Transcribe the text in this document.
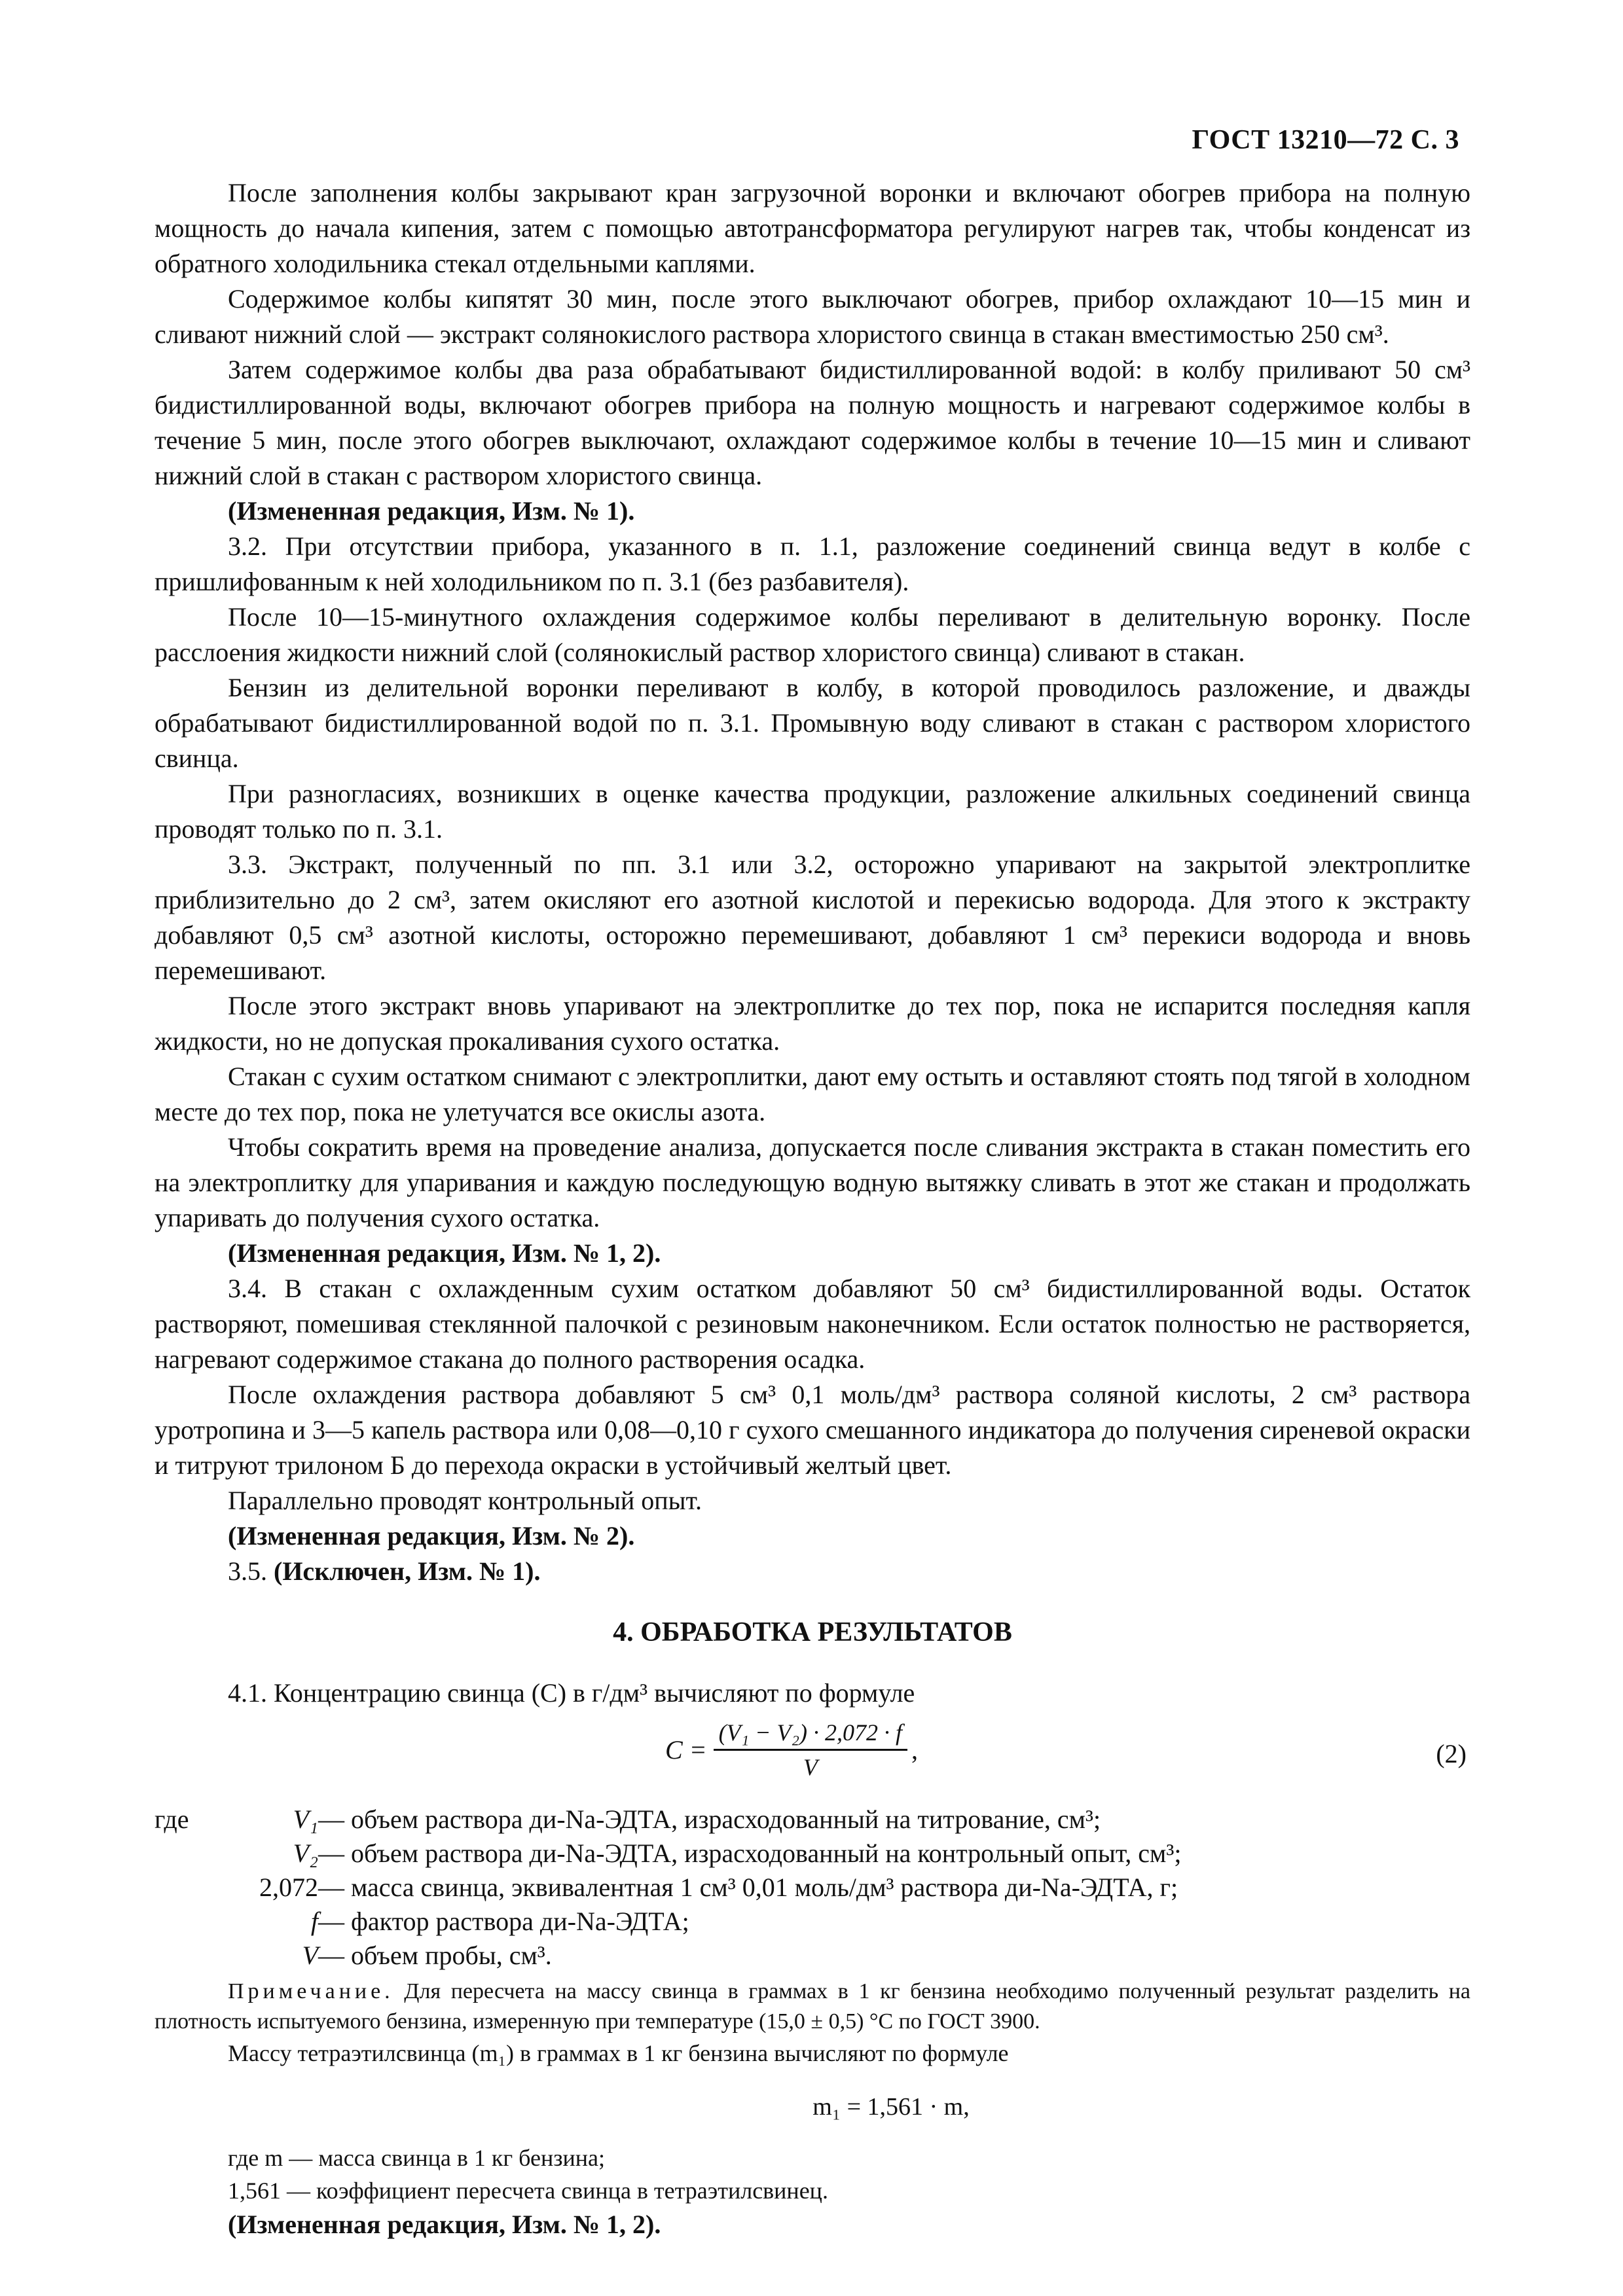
ГОСТ 13210—72 С. 3

После заполнения колбы закрывают кран загрузочной воронки и включают обогрев прибора на полную мощность до начала кипения, затем с помощью автотрансформатора регулируют нагрев так, чтобы конденсат из обратного холодильника стекал отдельными каплями.

Содержимое колбы кипятят 30 мин, после этого выключают обогрев, прибор охлаждают 10—15 мин и сливают нижний слой — экстракт солянокислого раствора хлористого свинца в стакан вместимостью 250 см³.

Затем содержимое колбы два раза обрабатывают бидистиллированной водой: в колбу приливают 50 см³ бидистиллированной воды, включают обогрев прибора на полную мощность и нагревают содержимое колбы в течение 5 мин, после этого обогрев выключают, охлаждают содержимое колбы в течение 10—15 мин и сливают нижний слой в стакан с раствором хлористого свинца.

(Измененная редакция, Изм. № 1).

3.2. При отсутствии прибора, указанного в п. 1.1, разложение соединений свинца ведут в колбе с пришлифованным к ней холодильником по п. 3.1 (без разбавителя).

После 10—15-минутного охлаждения содержимое колбы переливают в делительную воронку. После расслоения жидкости нижний слой (солянокислый раствор хлористого свинца) сливают в стакан.

Бензин из делительной воронки переливают в колбу, в которой проводилось разложение, и дважды обрабатывают бидистиллированной водой по п. 3.1. Промывную воду сливают в стакан с раствором хлористого свинца.

При разногласиях, возникших в оценке качества продукции, разложение алкильных соединений свинца проводят только по п. 3.1.

3.3. Экстракт, полученный по пп. 3.1 или 3.2, осторожно упаривают на закрытой электроплитке приблизительно до 2 см³, затем окисляют его азотной кислотой и перекисью водорода. Для этого к экстракту добавляют 0,5 см³ азотной кислоты, осторожно перемешивают, добавляют 1 см³ перекиси водорода и вновь перемешивают.

После этого экстракт вновь упаривают на электроплитке до тех пор, пока не испарится последняя капля жидкости, но не допуская прокаливания сухого остатка.

Стакан с сухим остатком снимают с электроплитки, дают ему остыть и оставляют стоять под тягой в холодном месте до тех пор, пока не улетучатся все окислы азота.

Чтобы сократить время на проведение анализа, допускается после сливания экстракта в стакан поместить его на электроплитку для упаривания и каждую последующую водную вытяжку сливать в этот же стакан и продолжать упаривать до получения сухого остатка.

(Измененная редакция, Изм. № 1, 2).

3.4. В стакан с охлажденным сухим остатком добавляют 50 см³ бидистиллированной воды. Остаток растворяют, помешивая стеклянной палочкой с резиновым наконечником. Если остаток полностью не растворяется, нагревают содержимое стакана до полного растворения осадка.

После охлаждения раствора добавляют 5 см³ 0,1 моль/дм³ раствора соляной кислоты, 2 см³ раствора уротропина и 3—5 капель раствора или 0,08—0,10 г сухого смешанного индикатора до получения сиреневой окраски и титруют трилоном Б до перехода окраски в устойчивый желтый цвет.

Параллельно проводят контрольный опыт.

(Измененная редакция, Изм. № 2).

3.5. (Исключен, Изм. № 1).

4. ОБРАБОТКА РЕЗУЛЬТАТОВ

4.1. Концентрацию свинца (C) в г/дм³ вычисляют по формуле

$C = \frac{\text{(V₁ − V₂) · 2,072 · f}}{V}$ ,	(2)
где	V₁ — объем раствора ди-Na-ЭДТА, израсходованный на титрование, см³;
V₂ — объем раствора ди-Na-ЭДТА, израсходованный на контрольный опыт, см³;
2,072 — масса свинца, эквивалентная 1 см³ 0,01 моль/дм³ раствора ди-Na-ЭДТА, г;
f — фактор раствора ди-Na-ЭДТА;
V — объем пробы, см³.

Примечание. Для пересчета на массу свинца в граммах в 1 кг бензина необходимо полученный результат разделить на плотность испытуемого бензина, измеренную при температуре (15,0 ± 0,5) °С по ГОСТ 3900.

Массу тетраэтилсвинца (m₁) в граммах в 1 кг бензина вычисляют по формуле

m₁ = 1,561 · m,

где m — масса свинца в 1 кг бензина;

1,561 — коэффициент пересчета свинца в тетраэтилсвинец.

(Измененная редакция, Изм. № 1, 2).
